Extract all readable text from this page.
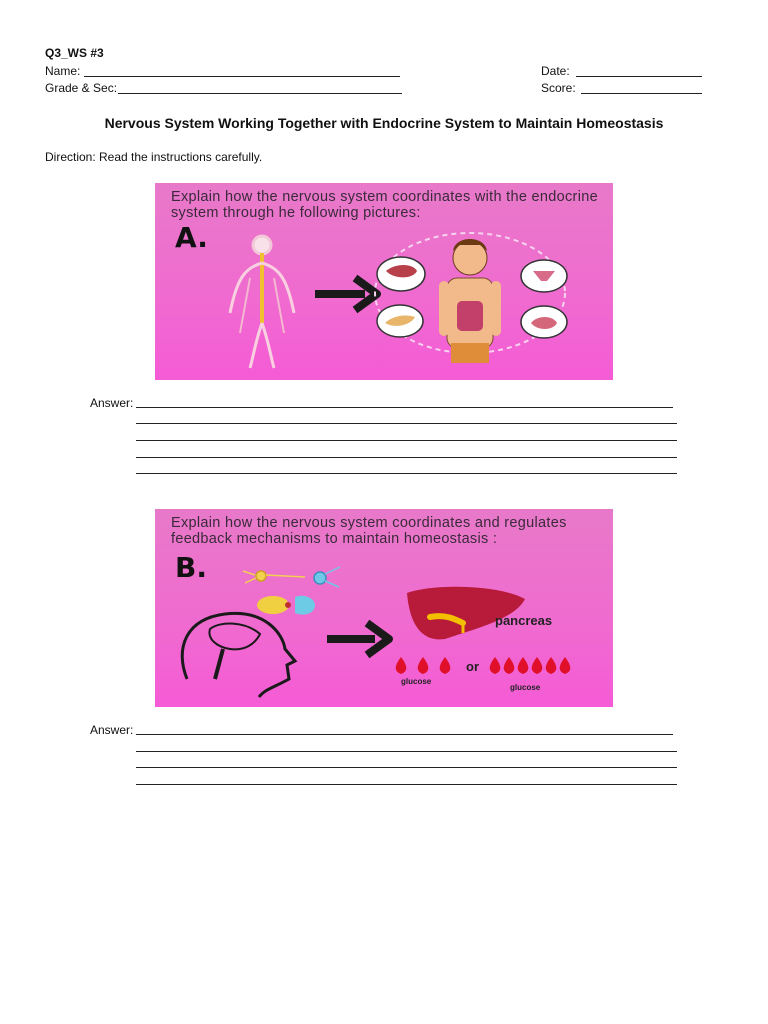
Q3_WS #3
Name:
Grade & Sec:
Date:
Score:
Nervous System Working Together with Endocrine System to Maintain Homeostasis
Direction: Read the instructions carefully.
Explain how the nervous system coordinates with the endocrine system through he following pictures:
A.
Answer:
Explain how the nervous system coordinates and regulates feedback mechanisms to maintain homeostasis :
B.
pancreas
or
glucose
glucose
Answer:
